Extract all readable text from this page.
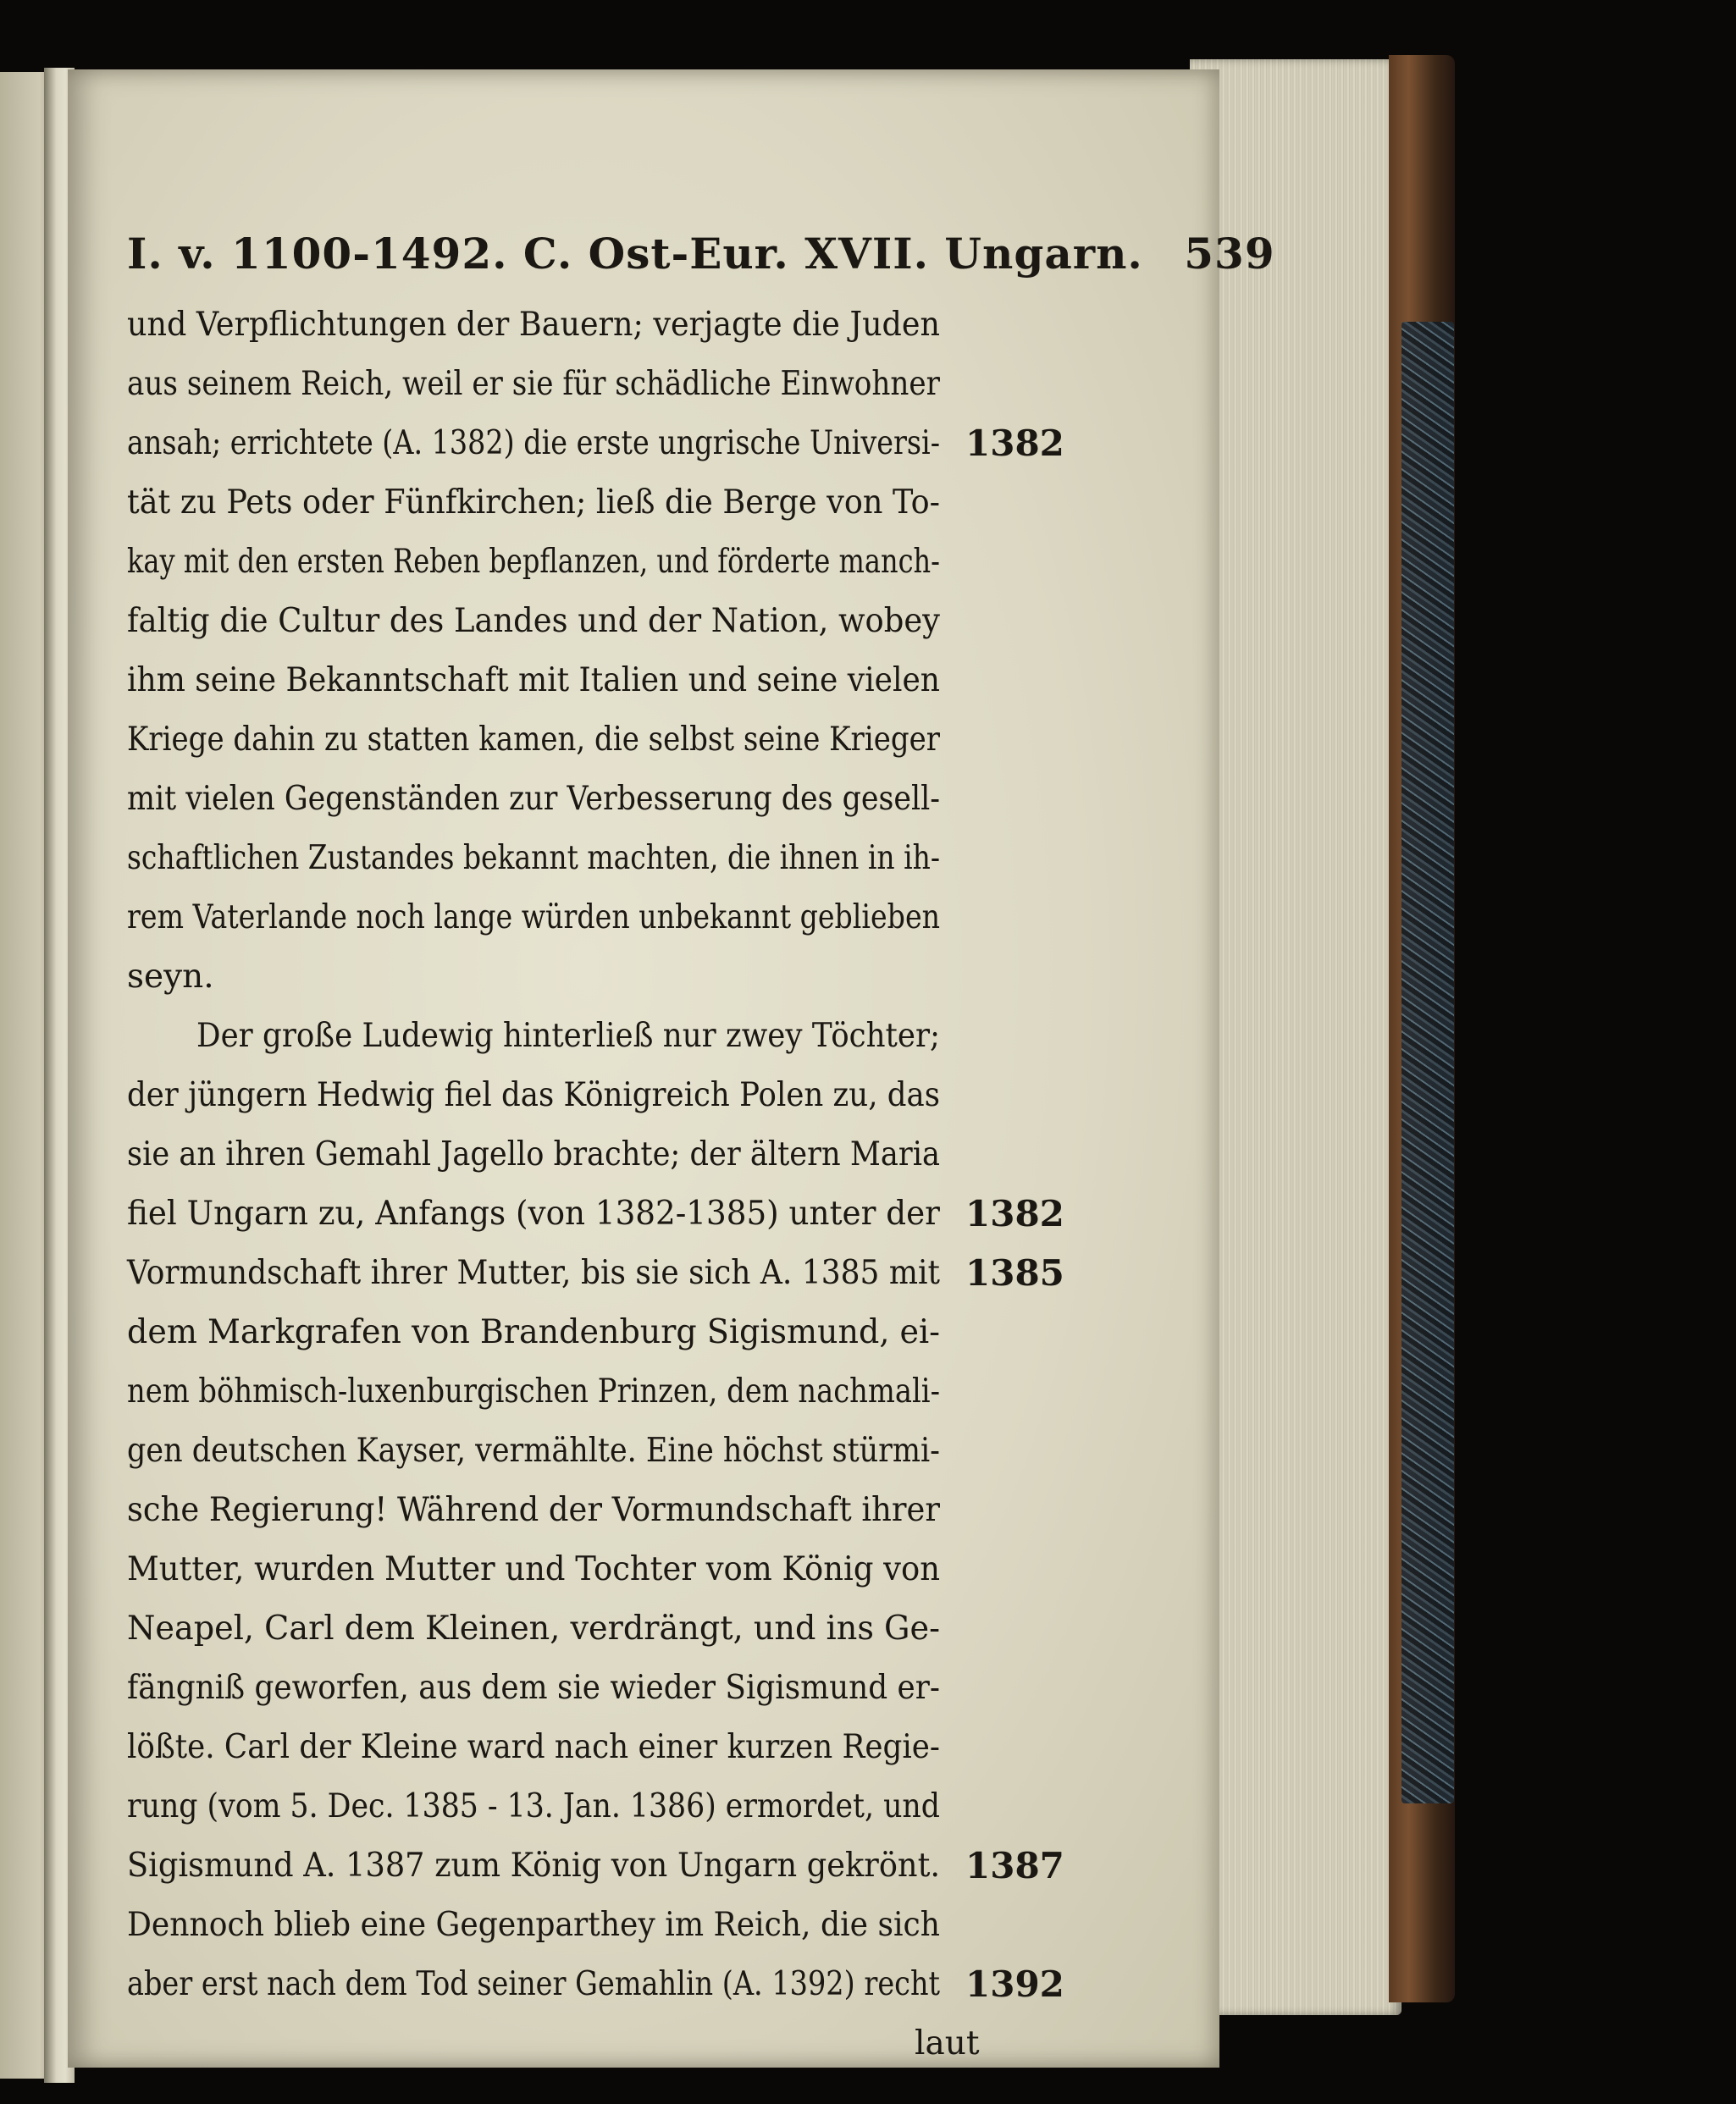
I. v. 1100-1492. C. Ost-Eur. XVII. Ungarn. 539
und Verpflichtungen der Bauern; verjagte die Juden
aus seinem Reich, weil er sie für schädliche Einwohner
ansah; errichtete (A. 1382) die erste ungrische Universi- 1382
tät zu Pets oder Fünfkirchen; ließ die Berge von To-
kay mit den ersten Reben bepflanzen, und förderte manch-
faltig die Cultur des Landes und der Nation, wobey
ihm seine Bekanntschaft mit Italien und seine vielen
Kriege dahin zu statten kamen, die selbst seine Krieger
mit vielen Gegenständen zur Verbesserung des gesell-
schaftlichen Zustandes bekannt machten, die ihnen in ih-
rem Vaterlande noch lange würden unbekannt geblieben
seyn.
Der große Ludewig hinterließ nur zwey Töchter;
der jüngern Hedwig fiel das Königreich Polen zu, das
sie an ihren Gemahl Jagello brachte; der ältern Maria
fiel Ungarn zu, Anfangs (von 1382-1385) unter der 1382
Vormundschaft ihrer Mutter, bis sie sich A. 1385 mit 1385
dem Markgrafen von Brandenburg Sigismund, ei-
nem böhmisch-luxenburgischen Prinzen, dem nachmali-
gen deutschen Kayser, vermählte. Eine höchst stürmi-
sche Regierung! Während der Vormundschaft ihrer
Mutter, wurden Mutter und Tochter vom König von
Neapel, Carl dem Kleinen, verdrängt, und ins Ge-
fängniß geworfen, aus dem sie wieder Sigismund er-
lößte. Carl der Kleine ward nach einer kurzen Regie-
rung (vom 5. Dec. 1385 - 13. Jan. 1386) ermordet, und
Sigismund A. 1387 zum König von Ungarn gekrönt. 1387
Dennoch blieb eine Gegenparthey im Reich, die sich
aber erst nach dem Tod seiner Gemahlin (A. 1392) recht 1392
laut
